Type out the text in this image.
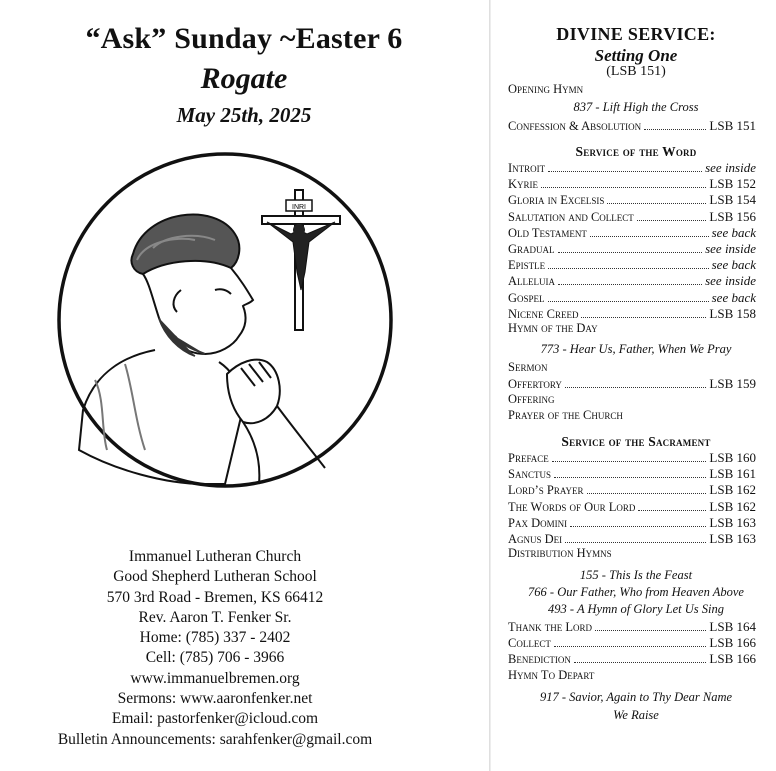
“Ask” Sunday ~Easter 6
Rogate
May 25th, 2025
INRI
Immanuel Lutheran Church
Good Shepherd Lutheran School
570 3rd Road - Bremen, KS 66412
Rev. Aaron T. Fenker Sr.
Home: (785) 337 - 2402
Cell: (785) 706 - 3966
www.immanuelbremen.org
Sermons: www.aaronfenker.net
Email: pastorfenker@icloud.com
Bulletin Announcements: sarahfenker@gmail.com
DIVINE SERVICE:
Setting One
(LSB 151)
Opening Hymn
837 - Lift High the Cross
Confession & Absolution	LSB 151
Service of the Word
Introit	see inside
Kyrie	LSB 152
Gloria in Excelsis	LSB 154
Salutation and Collect	LSB 156
Old Testament	see back
Gradual	see inside
Epistle	see back
Alleluia	see inside
Gospel	see back
Nicene Creed	LSB 158
Hymn of the Day
773 - Hear Us, Father, When We Pray
Sermon
Offertory	LSB 159
Offering
Prayer of the Church
Service of the Sacrament
Preface	LSB 160
Sanctus	LSB 161
Lord’s Prayer	LSB 162
The Words of Our Lord	LSB 162
Pax Domini	LSB 163
Agnus Dei	LSB 163
Distribution Hymns
155 - This Is the Feast
766 - Our Father, Who from Heaven Above
493 - A Hymn of Glory Let Us Sing
Thank the Lord	LSB 164
Collect	LSB 166
Benediction	LSB 166
Hymn To Depart
917 - Savior, Again to Thy Dear Name
We Raise
